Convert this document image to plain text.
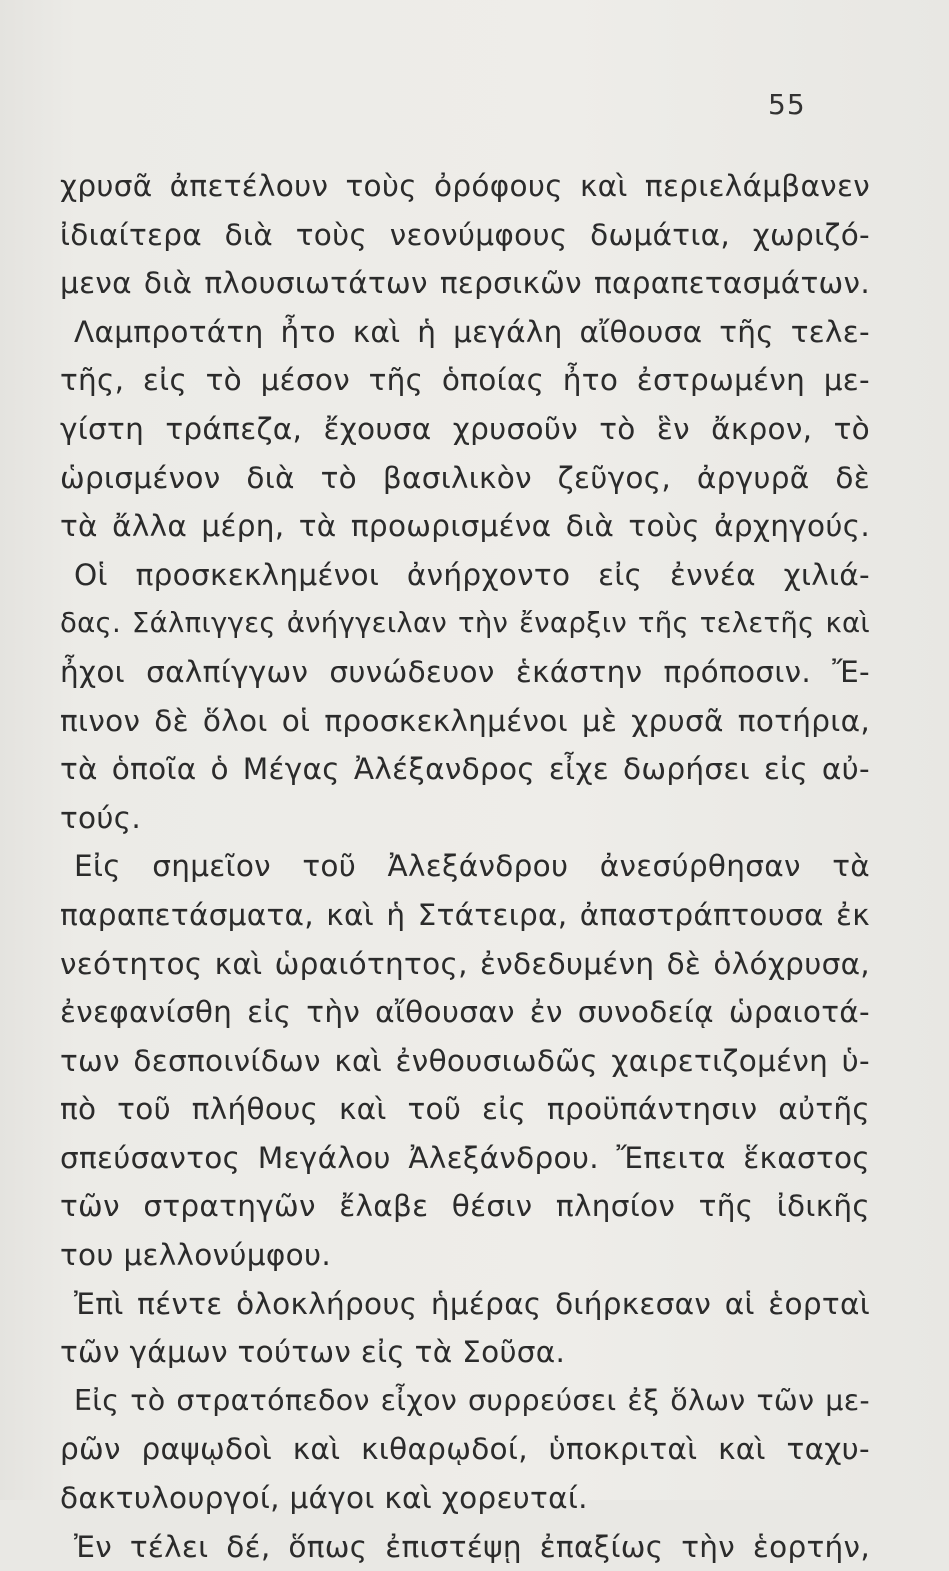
55
χρυσᾶ ἀπετέλουν τοὺς ὀρόφους καὶ περιελάμβανεν
ἰδιαίτερα διὰ τοὺς νεονύμφους δωμάτια, χωριζό-
μενα διὰ πλουσιωτάτων περσικῶν παραπετασμάτων.
Λαμπροτάτη ἦτο καὶ ἡ μεγάλη αἴθουσα τῆς τελε-
τῆς, εἰς τὸ μέσον τῆς ὁποίας ἦτο ἐστρωμένη με-
γίστη τράπεζα, ἔχουσα χρυσοῦν τὸ ἓν ἄκρον, τὸ
ὡρισμένον διὰ τὸ βασιλικὸν ζεῦγος, ἀργυρᾶ δὲ
τὰ ἄλλα μέρη, τὰ προωρισμένα διὰ τοὺς ἀρχηγούς.
Οἱ προσκεκλημένοι ἀνήρχοντο εἰς ἐννέα χιλιά-
δας. Σάλπιγγες ἀνήγγειλαν τὴν ἔναρξιν τῆς τελετῆς καὶ
ἦχοι σαλπίγγων συνώδευον ἑκάστην πρόποσιν. Ἔ-
πινον δὲ ὅλοι οἱ προσκεκλημένοι μὲ χρυσᾶ ποτήρια,
τὰ ὁποῖα ὁ Μέγας Ἀλέξανδρος εἶχε δωρήσει εἰς αὐ-
τούς.
Εἰς σημεῖον τοῦ Ἀλεξάνδρου ἀνεσύρθησαν τὰ
παραπετάσματα, καὶ ἡ Στάτειρα, ἀπαστράπτουσα ἐκ
νεότητος καὶ ὡραιότητος, ἐνδεδυμένη δὲ ὁλόχρυσα,
ἐνεφανίσθη εἰς τὴν αἴθουσαν ἐν συνοδείᾳ ὡραιοτά-
των δεσποινίδων καὶ ἐνθουσιωδῶς χαιρετιζομένη ὑ-
πὸ τοῦ πλήθους καὶ τοῦ εἰς προϋπάντησιν αὐτῆς
σπεύσαντος Μεγάλου Ἀλεξάνδρου. Ἔπειτα ἕκαστος
τῶν στρατηγῶν ἔλαβε θέσιν πλησίον τῆς ἰδικῆς
του μελλονύμφου.
Ἐπὶ πέντε ὁλοκλήρους ἡμέρας διήρκεσαν αἱ ἑορταὶ
τῶν γάμων τούτων εἰς τὰ Σοῦσα.
Εἰς τὸ στρατόπεδον εἶχον συρρεύσει ἐξ ὅλων τῶν με-
ρῶν ραψῳδοὶ καὶ κιθαρῳδοί, ὑποκριταὶ καὶ ταχυ-
δακτυλουργοί, μάγοι καὶ χορευταί.
Ἐν τέλει δέ, ὅπως ἐπιστέψῃ ἐπαξίως τὴν ἑορτήν,
